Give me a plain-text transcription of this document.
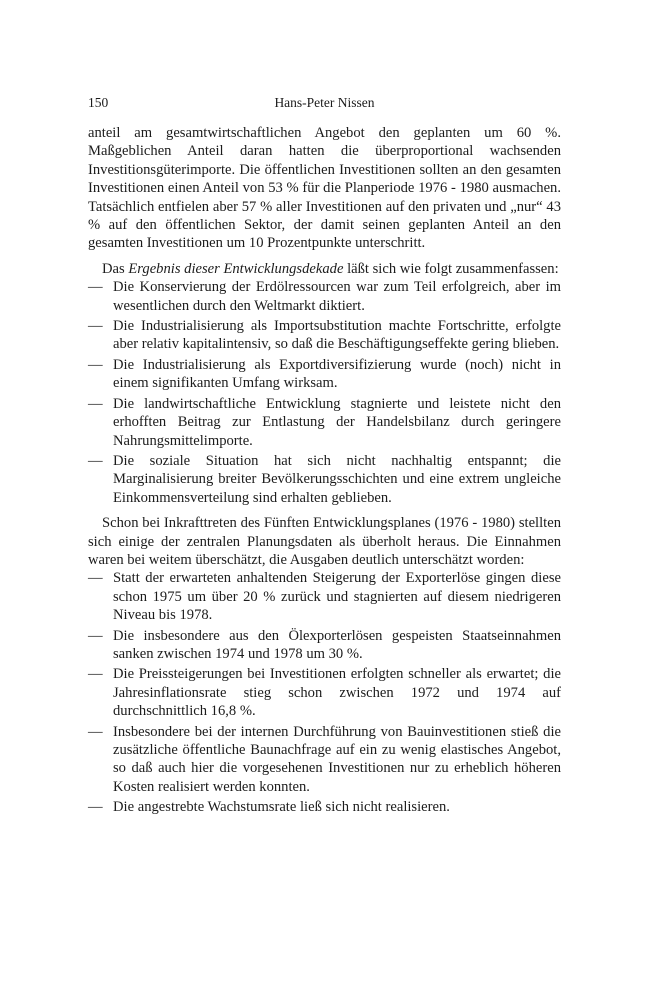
150	Hans-Peter Nissen

anteil am gesamtwirtschaftlichen Angebot den geplanten um 60 %. Maßgeblichen Anteil daran hatten die überproportional wachsenden Investitionsgüterimporte. Die öffentlichen Investitionen sollten an den gesamten Investitionen einen Anteil von 53 % für die Planperiode 1976 - 1980 ausmachen. Tatsächlich entfielen aber 57 % aller Investitionen auf den privaten und „nur“ 43 % auf den öffentlichen Sektor, der damit seinen geplanten Anteil an den gesamten Investitionen um 10 Prozentpunkte unterschritt.

Das Ergebnis dieser Entwicklungsdekade läßt sich wie folgt zusammenfassen:

— Die Konservierung der Erdölressourcen war zum Teil erfolgreich, aber im wesentlichen durch den Weltmarkt diktiert.
— Die Industrialisierung als Importsubstitution machte Fortschritte, erfolgte aber relativ kapitalintensiv, so daß die Beschäftigungseffekte gering blieben.
— Die Industrialisierung als Exportdiversifizierung wurde (noch) nicht in einem signifikanten Umfang wirksam.
— Die landwirtschaftliche Entwicklung stagnierte und leistete nicht den erhofften Beitrag zur Entlastung der Handelsbilanz durch geringere Nahrungsmittelimporte.
— Die soziale Situation hat sich nicht nachhaltig entspannt; die Marginalisierung breiter Bevölkerungsschichten und eine extrem ungleiche Einkommensverteilung sind erhalten geblieben.

Schon bei Inkrafttreten des Fünften Entwicklungsplanes (1976 - 1980) stellten sich einige der zentralen Planungsdaten als überholt heraus. Die Einnahmen waren bei weitem überschätzt, die Ausgaben deutlich unterschätzt worden:

— Statt der erwarteten anhaltenden Steigerung der Exporterlöse gingen diese schon 1975 um über 20 % zurück und stagnierten auf diesem niedrigeren Niveau bis 1978.
— Die insbesondere aus den Ölexporterlösen gespeisten Staatseinnahmen sanken zwischen 1974 und 1978 um 30 %.
— Die Preissteigerungen bei Investitionen erfolgten schneller als erwartet; die Jahresinflationsrate stieg schon zwischen 1972 und 1974 auf durchschnittlich 16,8 %.
— Insbesondere bei der internen Durchführung von Bauinvestitionen stieß die zusätzliche öffentliche Baunachfrage auf ein zu wenig elastisches Angebot, so daß auch hier die vorgesehenen Investitionen nur zu erheblich höheren Kosten realisiert werden konnten.
— Die angestrebte Wachstumsrate ließ sich nicht realisieren.
